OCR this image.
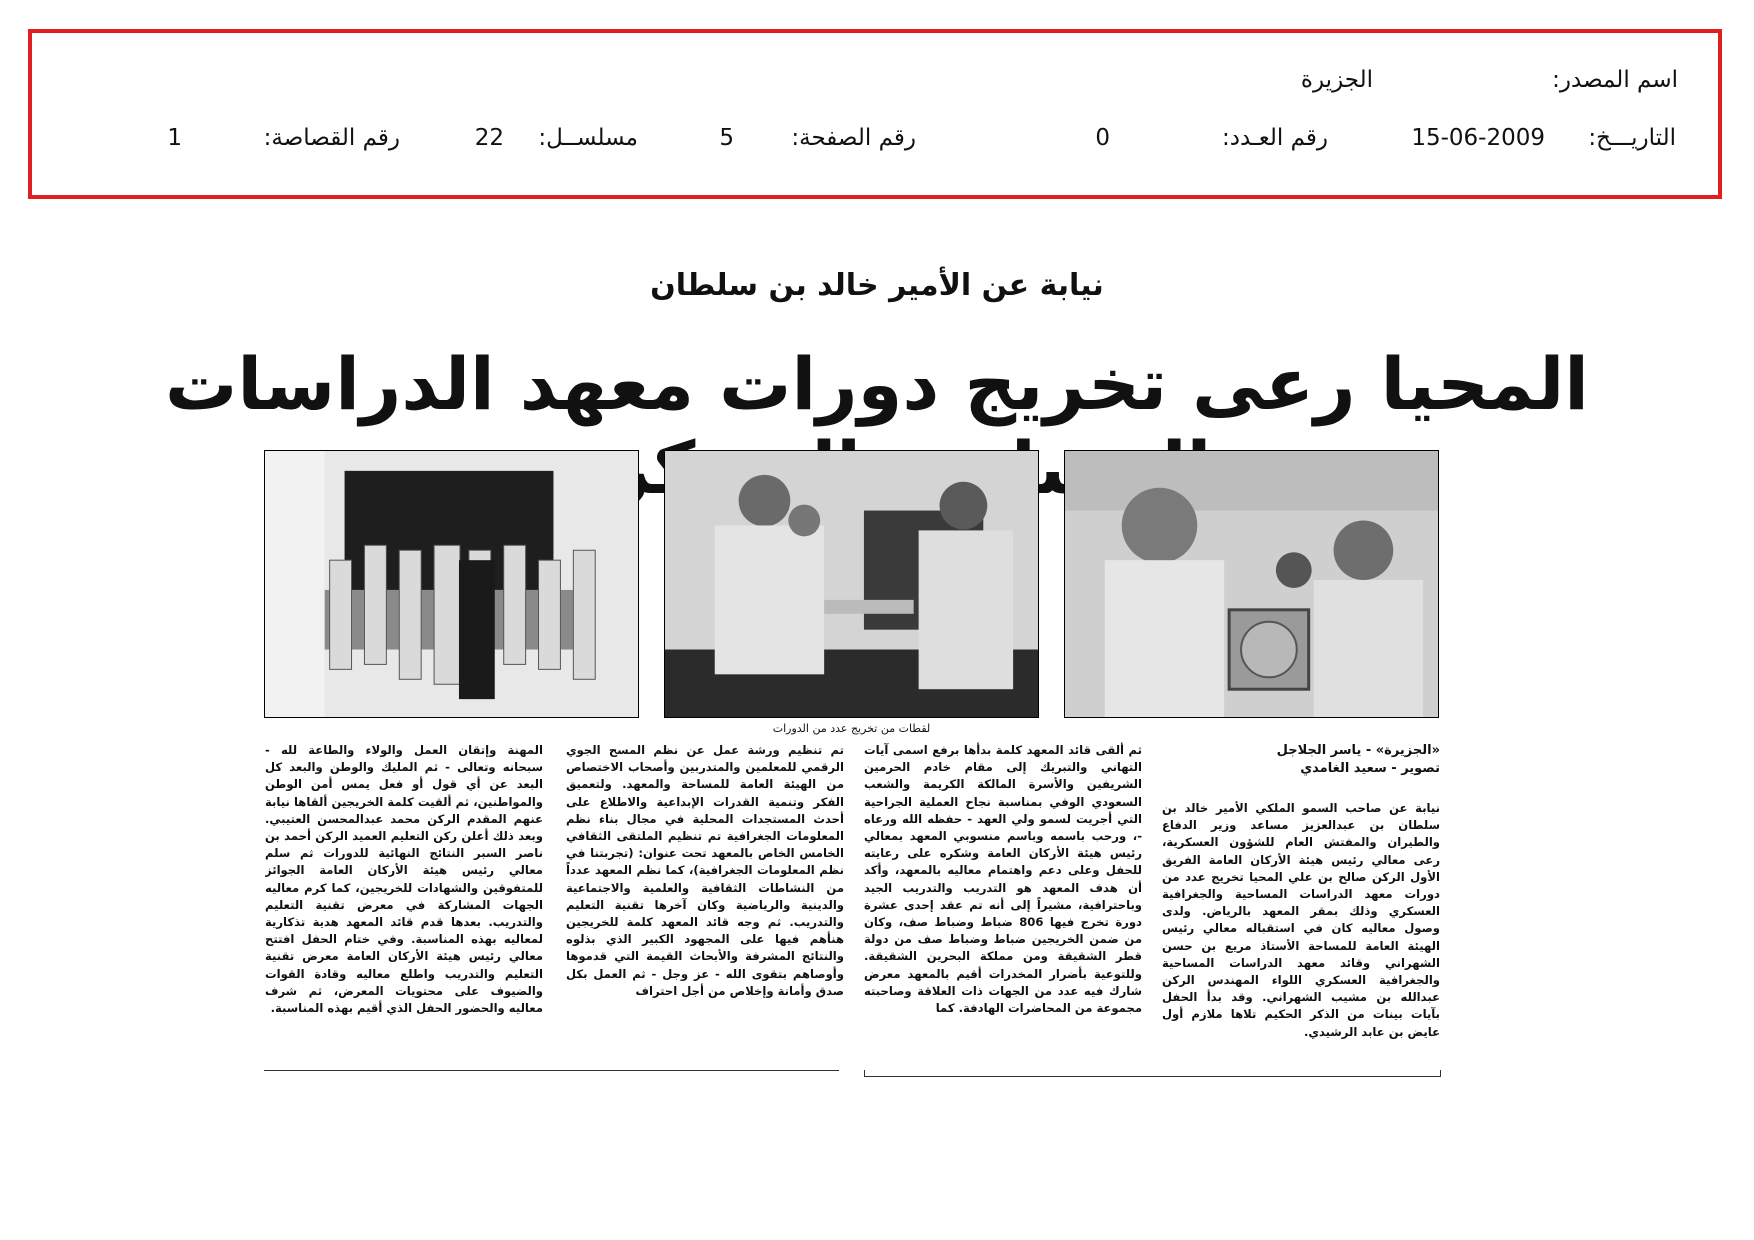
اسم المصدر:
الجزيرة
التاريـــخ:
15-06-2009
رقم العـدد:
0
رقم الصفحة:
5
مسلســل:
22
رقم القصاصة:
1
نيابة عن الأمير خالد بن سلطان
المحيا رعى تخريج دورات معهد الدراسات المساحية
لقطات من تخريج عدد من الدورات
«الجزيرة» - ياسر الجلاجل
تصوير - سعيد الغامدي
نيابة عن صاحب السمو الملكي الأمير خالد بن سلطان بن عبدالعزيز مساعد وزير الدفاع والطيران والمفتش العام للشؤون العسكرية، رعى معالي رئيس هيئة الأركان العامة الفريق الأول الركن صالح بن علي المحيا تخريج عدد من دورات معهد الدراسات المساحية والجغرافية العسكري وذلك بمقر المعهد بالرياض. ولدى وصول معاليه كان في استقباله معالي رئيس الهيئة العامة للمساحة الأستاذ مريع بن حسن الشهراني وقائد معهد الدراسات المساحية والجغرافية العسكري اللواء المهندس الركن عبدالله بن مشيب الشهراني. وقد بدأ الحفل بآيات بينات من الذكر الحكيم تلاها ملازم أول عايض بن عابد الرشيدي.
ثم ألقى قائد المعهد كلمة بدأها برفع اسمى آيات التهاني والتبريك إلى مقام خادم الحرمين الشريفين والأسرة المالكة الكريمة والشعب السعودي الوفي بمناسبة نجاح العملية الجراحية التي أجريت لسمو ولي العهد - حفظه الله ورعاه -، ورحب باسمه وباسم منسوبي المعهد بمعالي رئيس هيئة الأركان العامة وشكره على رعايته للحفل وعلى دعم واهتمام معاليه بالمعهد، وأكد أن هدف المعهد هو التدريب والتدريب الجيد وباحترافية، مشيراً إلى أنه تم عقد إحدى عشرة دورة تخرج فيها 806 ضباط وضباط صف، وكان من ضمن الخريجين ضباط وضباط صف من دولة قطر الشقيقة ومن مملكة البحرين الشقيقة. وللتوعية بأضرار المخدرات أقيم بالمعهد معرض شارك فيه عدد من الجهات ذات العلاقة وصاحبته مجموعة من المحاضرات الهادفة. كما
تم تنظيم ورشة عمل عن نظم المسح الجوي الرقمي للمعلمين والمتدربين وأصحاب الاختصاص من الهيئة العامة للمساحة والمعهد. ولتعميق الفكر وتنمية القدرات الإبداعية والاطلاع على أحدث المستجدات المحلية في مجال بناء نظم المعلومات الجغرافية تم تنظيم الملتقى الثقافي الخامس الخاص بالمعهد تحت عنوان: (تجربتنا في نظم المعلومات الجغرافية)، كما نظم المعهد عدداً من النشاطات الثقافية والعلمية والاجتماعية والدينية والرياضية وكان آخرها تقنية التعليم والتدريب. ثم وجه قائد المعهد كلمة للخريجين هنأهم فيها على المجهود الكبير الذي بذلوه والنتائج المشرفة والأبحاث القيمة التي قدموها وأوصاهم بتقوى الله - عز وجل - ثم العمل بكل صدق وأمانة وإخلاص من أجل احتراف
المهنة وإتقان العمل والولاء والطاعة لله - سبحانه وتعالى - ثم المليك والوطن والبعد كل البعد عن أي قول أو فعل يمس أمن الوطن والمواطنين، ثم ألقيت كلمة الخريجين ألقاها نيابة عنهم المقدم الركن محمد عبدالمحسن العتيبي. وبعد ذلك أعلن ركن التعليم العميد الركن أحمد بن ناصر السبر النتائج النهائية للدورات ثم سلم معالي رئيس هيئة الأركان العامة الجوائز للمتفوقين والشهادات للخريجين، كما كرم معاليه الجهات المشاركة في معرض تقنية التعليم والتدريب. بعدها قدم قائد المعهد هدية تذكارية لمعاليه بهذه المناسبة. وفي ختام الحفل افتتح معالي رئيس هيئة الأركان العامة معرض تقنية التعليم والتدريب واطلع معاليه وقادة القوات والضيوف على محتويات المعرض، ثم شرف معاليه والحضور الحفل الذي أقيم بهذه المناسبة.
